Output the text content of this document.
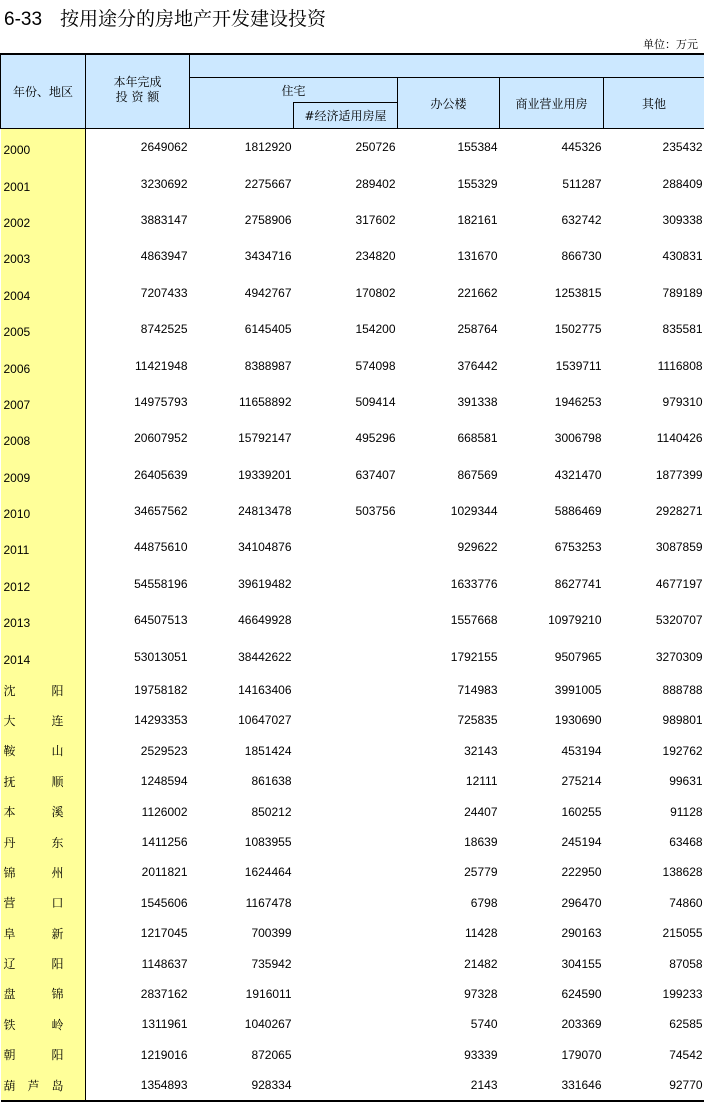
6-33 按用途分的房地产开发建设投资
单位：万元
年份、地区	本年完成
投 资 额					

		住宅		办公楼	商业营业用房	其他
			#经济适用房屋			
2000	2649062	1812920	250726	155384	445326	235432
2001	3230692	2275667	289402	155329	511287	288409
2002	3883147	2758906	317602	182161	632742	309338
2003	4863947	3434716	234820	131670	866730	430831
2004	7207433	4942767	170802	221662	1253815	789189
2005	8742525	6145405	154200	258764	1502775	835581
2006	11421948	8388987	574098	376442	1539711	1116808
2007	14975793	11658892	509414	391338	1946253	979310
2008	20607952	15792147	495296	668581	3006798	1140426
2009	26405639	19339201	637407	867569	4321470	1877399
2010	34657562	24813478	503756	1029344	5886469	2928271
2011	44875610	34104876		929622	6753253	3087859
2012	54558196	39619482		1633776	8627741	4677197
2013	64507513	46649928		1557668	10979210	5320707
2014	53013051	38442622		1792155	9507965	3270309
沈阳	19758182	14163406		714983	3991005	888788
大连	14293353	10647027		725835	1930690	989801
鞍山	2529523	1851424		32143	453194	192762
抚顺	1248594	861638		12111	275214	99631
本溪	1126002	850212		24407	160255	91128
丹东	1411256	1083955		18639	245194	63468
锦州	2011821	1624464		25779	222950	138628
营口	1545606	1167478		6798	296470	74860
阜新	1217045	700399		11428	290163	215055
辽阳	1148637	735942		21482	304155	87058
盘锦	2837162	1916011		97328	624590	199233
铁岭	1311961	1040267		5740	203369	62585
朝阳	1219016	872065		93339	179070	74542
葫芦岛	1354893	928334		2143	331646	92770
